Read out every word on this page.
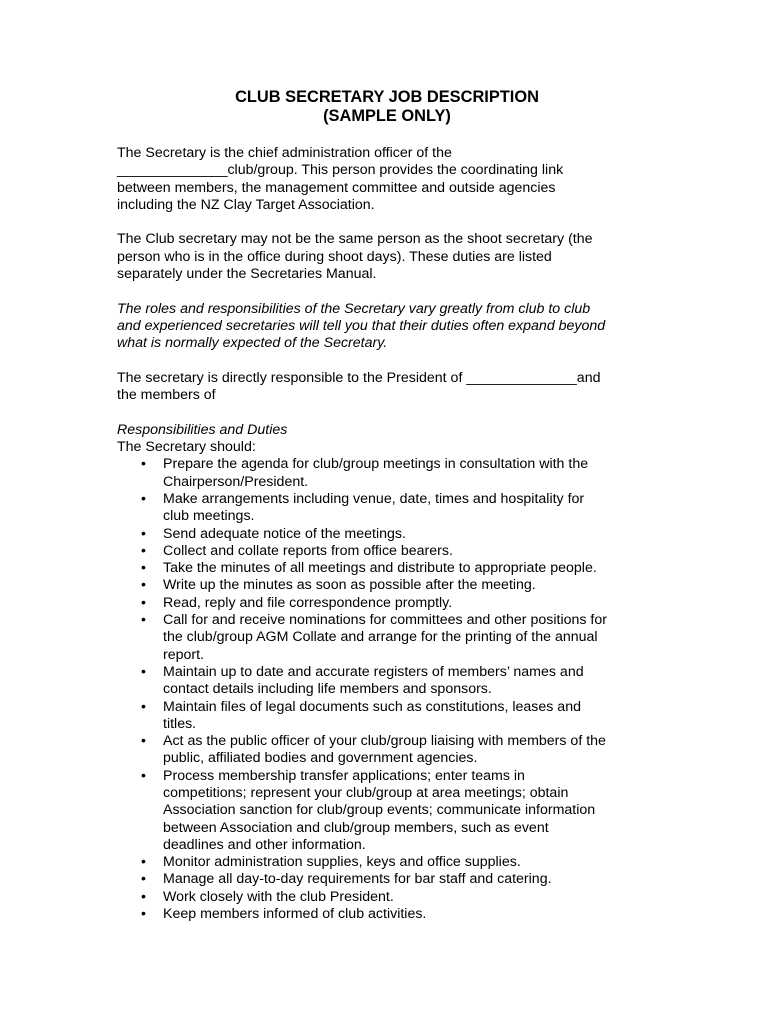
CLUB SECRETARY JOB DESCRIPTION
(SAMPLE ONLY)

The Secretary is the chief administration officer of the
______________club/group. This person provides the coordinating link
between members, the management committee and outside agencies
including the NZ Clay Target Association.

The Club secretary may not be the same person as the shoot secretary (the
person who is in the office during shoot days). These duties are listed
separately under the Secretaries Manual.

The roles and responsibilities of the Secretary vary greatly from club to club
and experienced secretaries will tell you that their duties often expand beyond
what is normally expected of the Secretary.

The secretary is directly responsible to the President of ______________and
the members of

Responsibilities and Duties

The Secretary should:

• Prepare the agenda for club/group meetings in consultation with the
Chairperson/President.
• Make arrangements including venue, date, times and hospitality for
club meetings.
• Send adequate notice of the meetings.
• Collect and collate reports from office bearers.
• Take the minutes of all meetings and distribute to appropriate people.
• Write up the minutes as soon as possible after the meeting.
• Read, reply and file correspondence promptly.
• Call for and receive nominations for committees and other positions for
the club/group AGM Collate and arrange for the printing of the annual
report.
• Maintain up to date and accurate registers of members’ names and
contact details including life members and sponsors.
• Maintain files of legal documents such as constitutions, leases and
titles.
• Act as the public officer of your club/group liaising with members of the
public, affiliated bodies and government agencies.
• Process membership transfer applications; enter teams in
competitions; represent your club/group at area meetings; obtain
Association sanction for club/group events; communicate information
between Association and club/group members, such as event
deadlines and other information.
• Monitor administration supplies, keys and office supplies.
• Manage all day-to-day requirements for bar staff and catering.
• Work closely with the club President.
• Keep members informed of club activities.
